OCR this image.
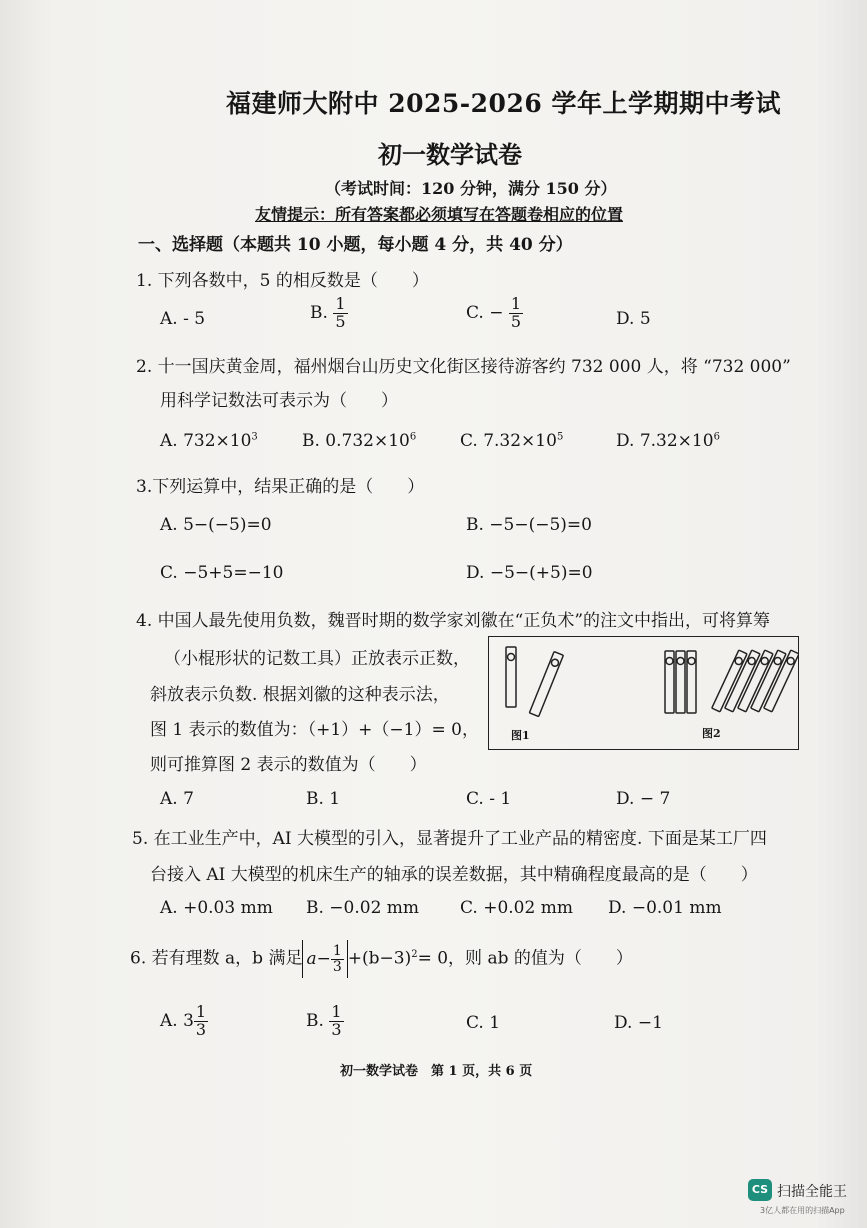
福建师大附中 2025-2026 学年上学期期中考试
初一数学试卷
（考试时间：120 分钟，满分 150 分）
友情提示：所有答案都必须填写在答题卷相应的位置
一、选择题（本题共 10 小题，每小题 4 分，共 40 分）
1. 下列各数中，5 的相反数是（　　）
A. - 5	B. $\frac{1}{5}$	C. − $\frac{1}{5}$	D. 5
2. 十一国庆黄金周，福州烟台山历史文化街区接待游客约 732 000 人，将 “732 000”
用科学记数法可表示为（　　）
A. $732\times 10^3$	B. $0.732\times 10^6$	C. $7.32\times 10^5$	D. $7.32\times 10^6$
3.下列运算中，结果正确的是（　　）
A. 5−(−5)=0	B. −5−(−5)=0
C. −5+5=−10	D. −5−(+5)=0
4. 中国人最先使用负数，魏晋时期的数学家刘徽在“正负术”的注文中指出，可将算筹
（小棍形状的记数工具）正放表示正数，
斜放表示负数. 根据刘徽的这种表示法，
图 1 表示的数值为：（+1）+（−1）= 0，
则可推算图 2 表示的数值为（　　）
图1	图2
A. 7	B. 1	C. - 1	D. − 7
5. 在工业生产中，AI 大模型的引入，显著提升了工业产品的精密度. 下面是某工厂四
台接入 AI 大模型的机床生产的轴承的误差数据，其中精确程度最高的是（　　）
A. +0.03 mm B. −0.02 mm C. +0.02 mm D. −0.01 mm
6. 若有理数 a，b 满足 $a- \frac{1}{3} +(b-3)^2= 0$，则 ab 的值为（　　）
A. $3 \frac{1}{3}$	B. $\frac{1}{3}$	C. 1	D. −1
初一数学试卷　第 1 页，共 6 页
CS 扫描全能王
3亿人都在用的扫描App
